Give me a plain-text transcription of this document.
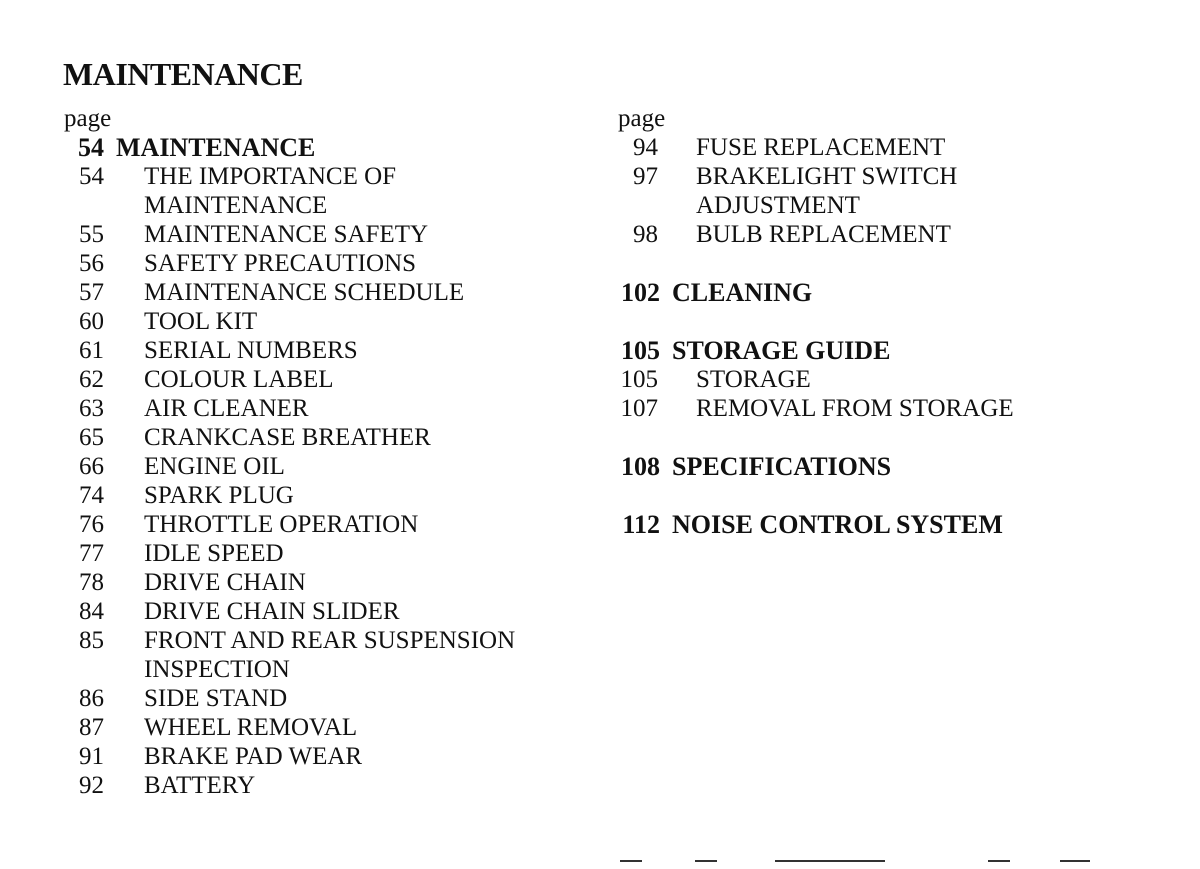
MAINTENANCE
page
54 MAINTENANCE
54 THE IMPORTANCE OF
MAINTENANCE
55 MAINTENANCE SAFETY
56 SAFETY PRECAUTIONS
57 MAINTENANCE SCHEDULE
60 TOOL KIT
61 SERIAL NUMBERS
62 COLOUR LABEL
63 AIR CLEANER
65 CRANKCASE BREATHER
66 ENGINE OIL
74 SPARK PLUG
76 THROTTLE OPERATION
77 IDLE SPEED
78 DRIVE CHAIN
84 DRIVE CHAIN SLIDER
85 FRONT AND REAR SUSPENSION
INSPECTION
86 SIDE STAND
87 WHEEL REMOVAL
91 BRAKE PAD WEAR
92 BATTERY
page
94 FUSE REPLACEMENT
97 BRAKELIGHT SWITCH
ADJUSTMENT
98 BULB REPLACEMENT
102 CLEANING
105 STORAGE GUIDE
105 STORAGE
107 REMOVAL FROM STORAGE
108 SPECIFICATIONS
112 NOISE CONTROL SYSTEM
